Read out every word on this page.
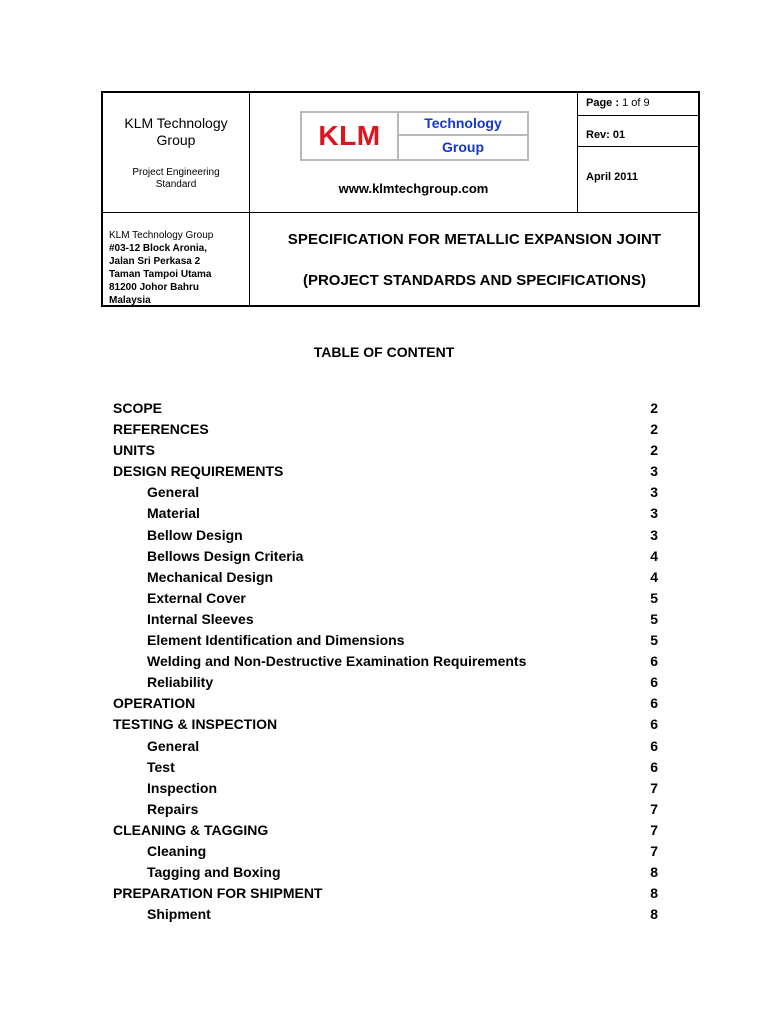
KLM Technology
Group
Project Engineering
Standard
KLM	Technology
Group
www.klmtechgroup.com
Page : 1 of 9
Rev: 01
April 2011
KLM Technology Group
#03-12 Block Aronia,
Jalan Sri Perkasa 2
Taman Tampoi Utama
81200 Johor Bahru
Malaysia
SPECIFICATION FOR METALLIC EXPANSION JOINT
(PROJECT STANDARDS AND SPECIFICATIONS)
TABLE OF CONTENT
SCOPE	2
REFERENCES	2
UNITS	2
DESIGN REQUIREMENTS	3
General	3
Material	3
Bellow Design	3
Bellows Design Criteria	4
Mechanical Design	4
External Cover	5
Internal Sleeves	5
Element Identification and Dimensions	5
Welding and Non-Destructive Examination Requirements	6
Reliability	6
OPERATION	6
TESTING & INSPECTION	6
General	6
Test	6
Inspection	7
Repairs	7
CLEANING & TAGGING	7
Cleaning	7
Tagging and Boxing	8
PREPARATION FOR SHIPMENT	8
Shipment	8
